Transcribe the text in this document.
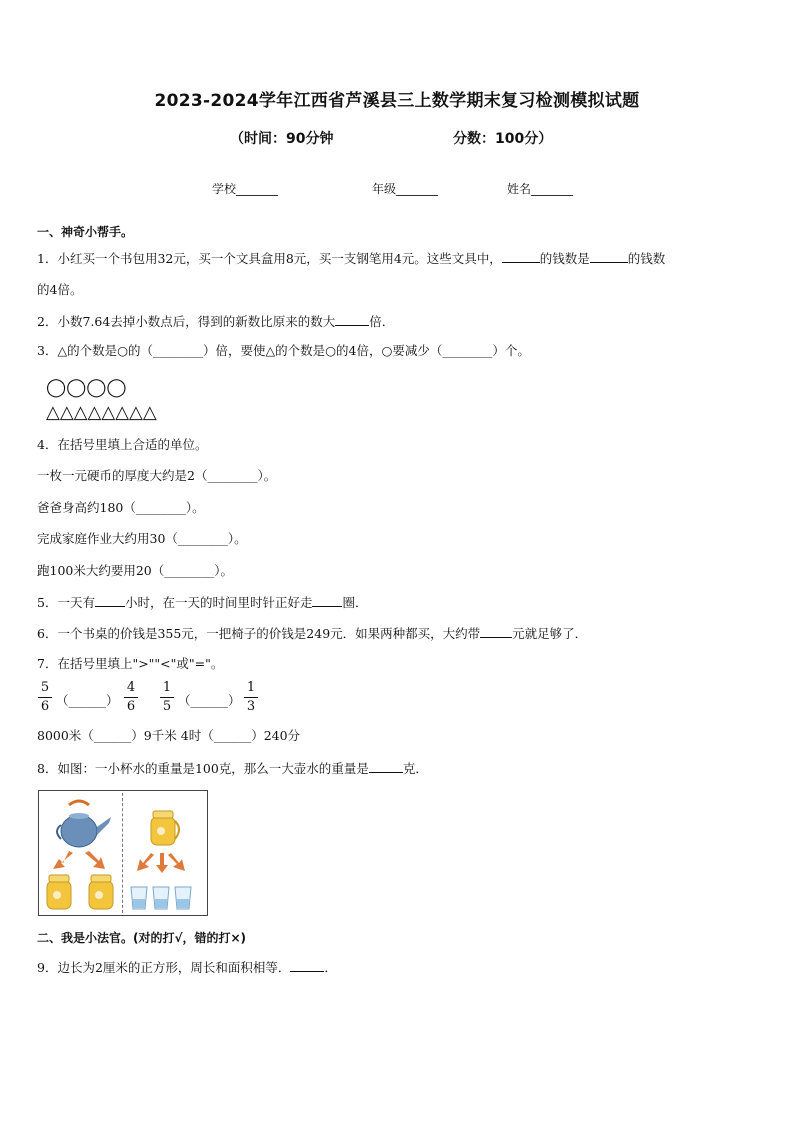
2023-2024学年江西省芦溪县三上数学期末复习检测模拟试题
（时间：90分钟	分数：100分）
学校_______	年级_______	姓名_______
一、神奇小帮手。
1．小红买一个书包用32元，买一个文具盒用8元，买一支钢笔用4元。这些文具中，	的钱数是	的钱数
的4倍。
2．小数7.64去掉小数点后，得到的新数比原来的数大	倍．
3．△的个数是○的（________）倍，要使△的个数是○的4倍，○要减少（________）个。
◯◯◯◯
△△△△△△△△
4．在括号里填上合适的单位。
一枚一元硬币的厚度大约是2（________）。
爸爸身高约180（________）。
完成家庭作业大约用30（________）。
跑100米大约要用20（________）。
5．一天有 小时，在一天的时间里时针正好走 圈．
6．一个书桌的价钱是355元，一把椅子的价钱是249元．如果两种都买，大约带	元就足够了．
7．在括号里填上">""<"或"="。
5
6 （______）
4
6
1
5 （______）
1
3
8000米（______）9千米 4时（______）240分
8．如图：一小杯水的重量是100克，那么一大壶水的重量是	克．
二、我是小法官。(对的打√，错的打×)
9．边长为2厘米的正方形，周长和面积相等．	．
